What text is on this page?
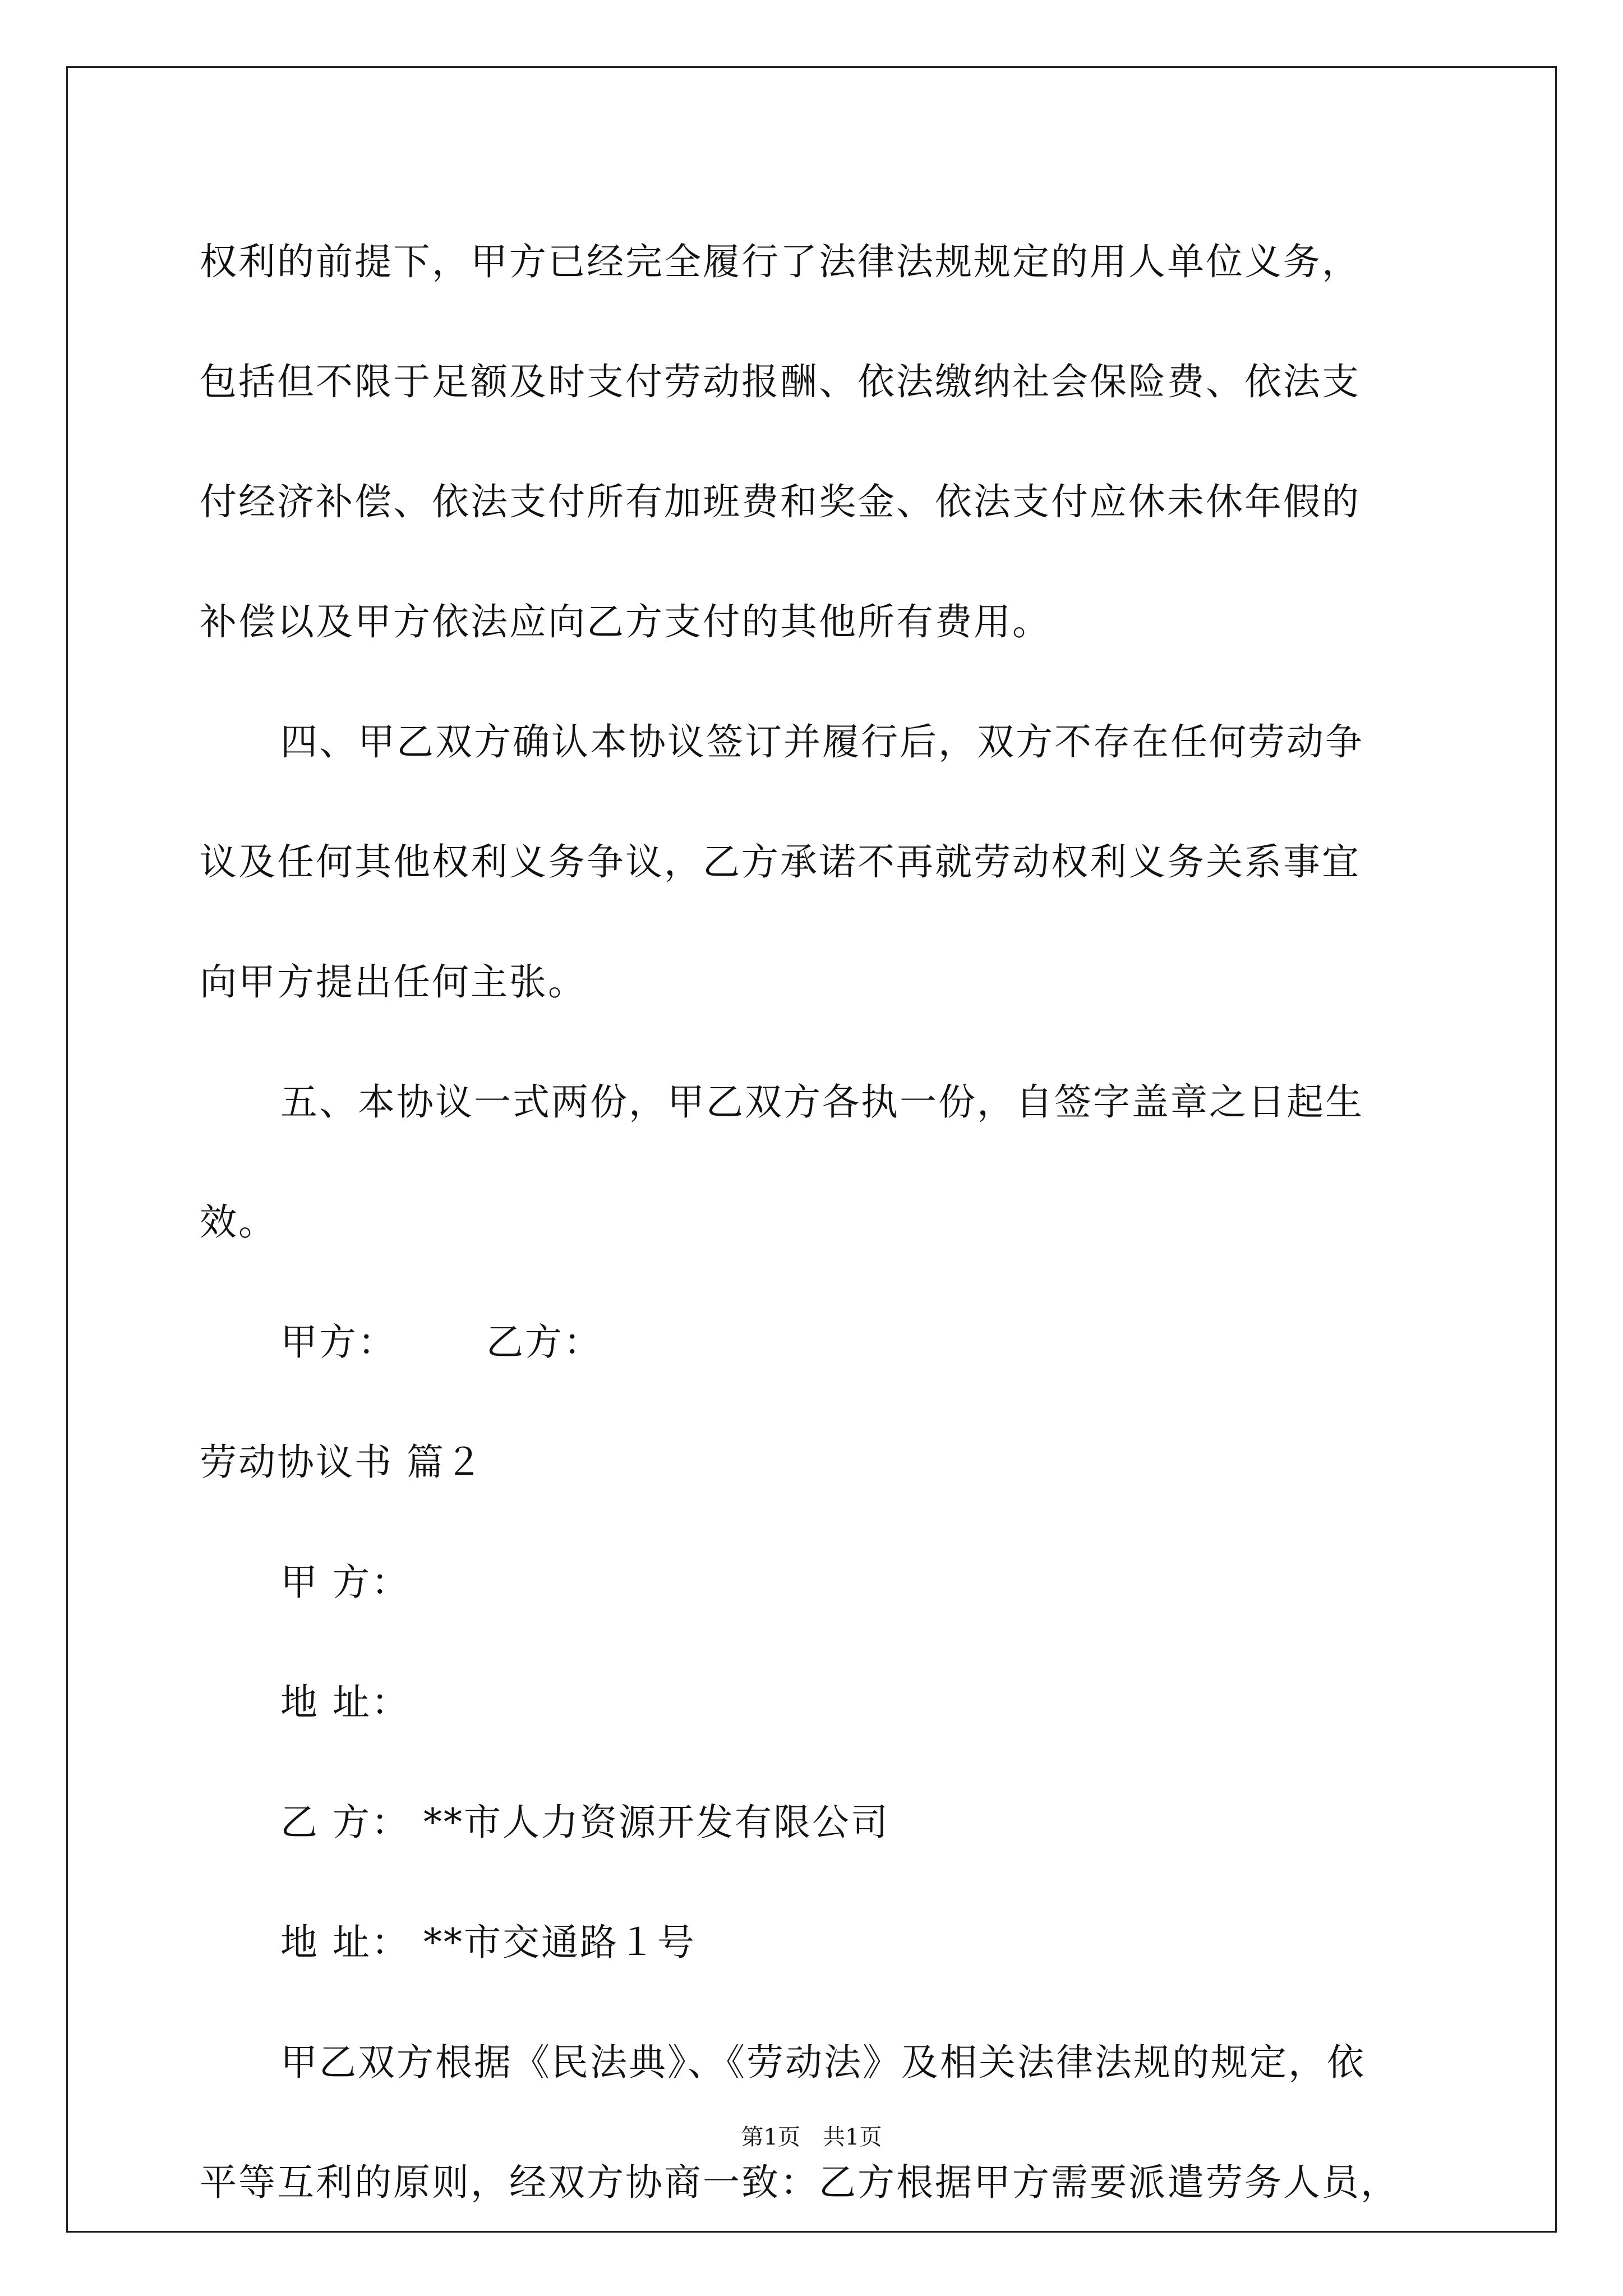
权利的前提下，甲方已经完全履行了法律法规规定的用人单位义务，
包括但不限于足额及时支付劳动报酬、依法缴纳社会保险费、依法支
付经济补偿、依法支付所有加班费和奖金、依法支付应休未休年假的
补偿以及甲方依法应向乙方支付的其他所有费用。
四、甲乙双方确认本协议签订并履行后，双方不存在任何劳动争
议及任何其他权利义务争议，乙方承诺不再就劳动权利义务关系事宜
向甲方提出任何主张。
五、本协议一式两份，甲乙双方各执一份，自签字盖章之日起生
效。
甲方： 乙方：
劳动协议书 篇２
甲 方：
地 址：
乙 方： **市人力资源开发有限公司
地 址： **市交通路１号
甲乙双方根据《民法典》、《劳动法》及相关法律法规的规定，依
平等互利的原则，经双方协商一致：乙方根据甲方需要派遣劳务人员，
第1页　共1页
